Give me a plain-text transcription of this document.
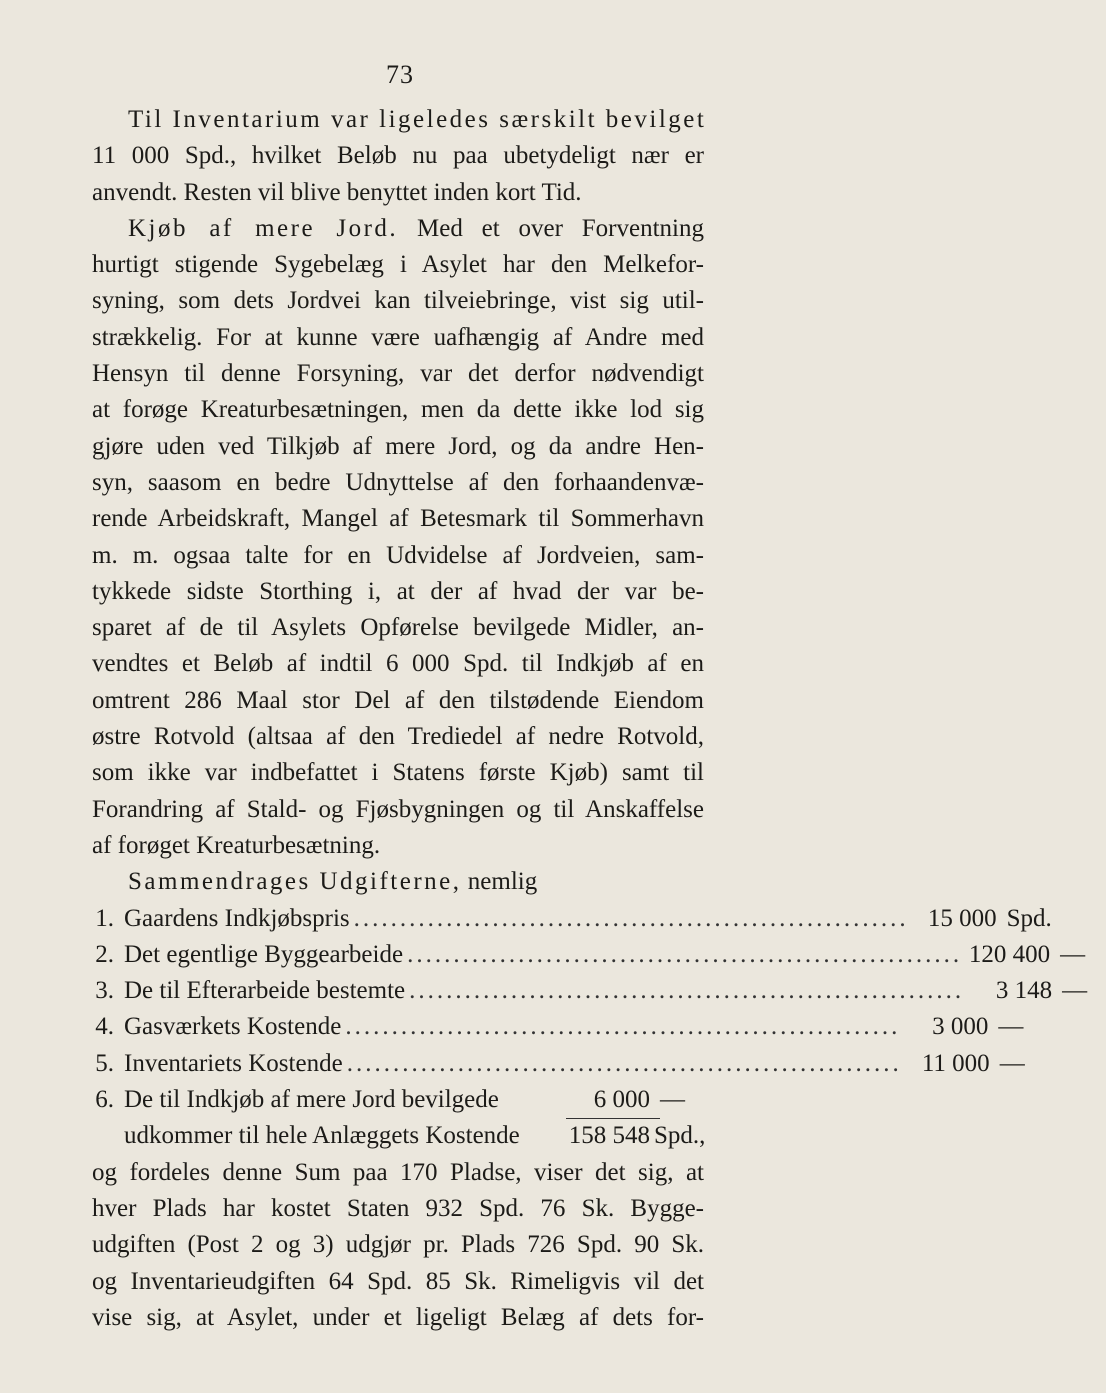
73
Til Inventarium var ligeledes særskilt bevilget
11 000 Spd., hvilket Beløb nu paa ubetydeligt nær er
anvendt. Resten vil blive benyttet inden kort Tid.
Kjøb af mere Jord. Med et over Forventning
hurtigt stigende Sygebelæg i Asylet har den Melkefor-
syning, som dets Jordvei kan tilveiebringe, vist sig util-
strækkelig. For at kunne være uafhængig af Andre med
Hensyn til denne Forsyning, var det derfor nødvendigt
at forøge Kreaturbesætningen, men da dette ikke lod sig
gjøre uden ved Tilkjøb af mere Jord, og da andre Hen-
syn, saasom en bedre Udnyttelse af den forhaandenvæ-
rende Arbeidskraft, Mangel af Betesmark til Sommerhavn
m. m. ogsaa talte for en Udvidelse af Jordveien, sam-
tykkede sidste Storthing i, at der af hvad der var be-
sparet af de til Asylets Opførelse bevilgede Midler, an-
vendtes et Beløb af indtil 6 000 Spd. til Indkjøb af en
omtrent 286 Maal stor Del af den tilstødende Eiendom
østre Rotvold (altsaa af den Trediedel af nedre Rotvold,
som ikke var indbefattet i Statens første Kjøb) samt til
Forandring af Stald- og Fjøsbygningen og til Anskaffelse
af forøget Kreaturbesætning.
Sammendrages Udgifterne, nemlig
1. Gaardens Indkjøbspris ............................................................ 15 000 Spd.
2. Det egentlige Byggearbeide ............................................................ 120 400 —
3. De til Efterarbeide bestemte ............................................................	3 148 —
4. Gasværkets Kostende ............................................................	3 000 —
5. Inventariets Kostende ............................................................ 11 000 —
6. De til Indkjøb af mere Jord bevilgede	6 000 —
udkommer til hele Anlæggets Kostende	158 548 Spd.,
og fordeles denne Sum paa 170 Pladse, viser det sig, at
hver Plads har kostet Staten 932 Spd. 76 Sk. Bygge-
udgiften (Post 2 og 3) udgjør pr. Plads 726 Spd. 90 Sk.
og Inventarieudgiften 64 Spd. 85 Sk. Rimeligvis vil det
vise sig, at Asylet, under et ligeligt Belæg af dets for-
